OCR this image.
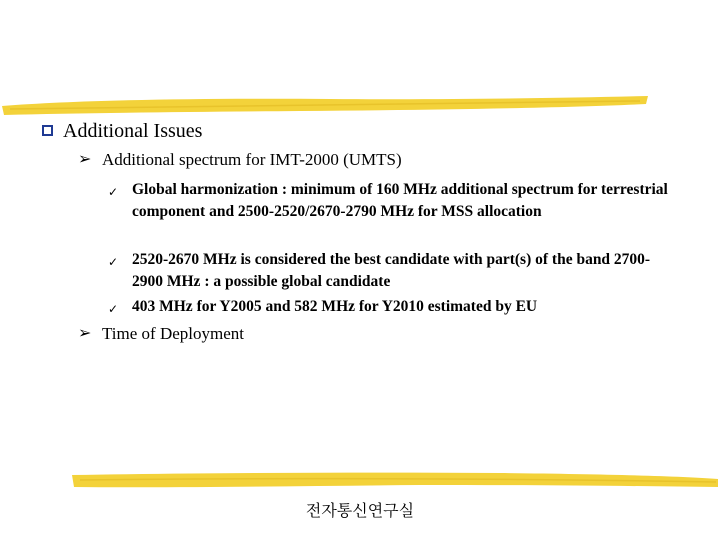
Additional Issues
➢ Additional spectrum for IMT-2000 (UMTS)
✓ Global harmonization : minimum of 160 MHz additional spectrum for terrestrial component and 2500-2520/2670-2790 MHz for MSS allocation
✓ 2520-2670 MHz is considered the best candidate with part(s) of the band 2700-2900 MHz : a possible global candidate
✓ 403 MHz for Y2005 and 582 MHz for Y2010 estimated by EU
➢ Time of Deployment
전자통신연구실
